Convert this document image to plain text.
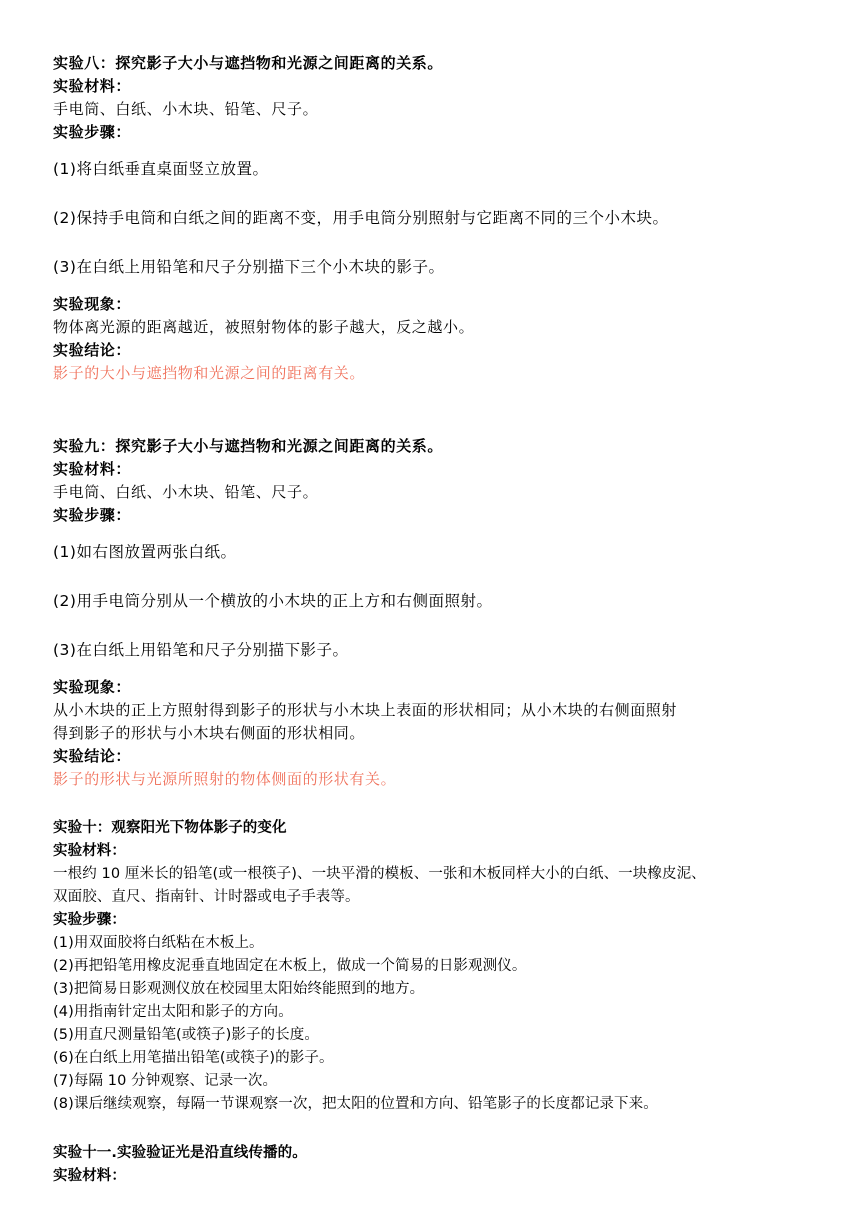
实验八：探究影子大小与遮挡物和光源之间距离的关系。
实验材料：
手电筒、白纸、小木块、铅笔、尺子。
实验步骤：
(1)将白纸垂直桌面竖立放置。
(2)保持手电筒和白纸之间的距离不变，用手电筒分别照射与它距离不同的三个小木块。
(3)在白纸上用铅笔和尺子分别描下三个小木块的影子。
实验现象：
物体离光源的距离越近，被照射物体的影子越大，反之越小。
实验结论：
影子的大小与遮挡物和光源之间的距离有关。
实验九：探究影子大小与遮挡物和光源之间距离的关系。
实验材料：
手电筒、白纸、小木块、铅笔、尺子。
实验步骤：
(1)如右图放置两张白纸。
(2)用手电筒分别从一个横放的小木块的正上方和右侧面照射。
(3)在白纸上用铅笔和尺子分别描下影子。
实验现象：
从小木块的正上方照射得到影子的形状与小木块上表面的形状相同；从小木块的右侧面照射
得到影子的形状与小木块右侧面的形状相同。
实验结论：
影子的形状与光源所照射的物体侧面的形状有关。
实验十：观察阳光下物体影子的变化
实验材料：
一根约 10 厘米长的铅笔(或一根筷子)、一块平滑的模板、一张和木板同样大小的白纸、一块橡皮泥、
双面胶、直尺、指南针、计时器或电子手表等。
实验步骤：
(1)用双面胶将白纸粘在木板上。
(2)再把铅笔用橡皮泥垂直地固定在木板上，做成一个简易的日影观测仪。
(3)把简易日影观测仪放在校园里太阳始终能照到的地方。
(4)用指南针定出太阳和影子的方向。
(5)用直尺测量铅笔(或筷子)影子的长度。
(6)在白纸上用笔描出铅笔(或筷子)的影子。
(7)每隔 10 分钟观察、记录一次。
(8)课后继续观察，每隔一节课观察一次，把太阳的位置和方向、铅笔影子的长度都记录下来。
实验十一.实验验证光是沿直线传播的。
实验材料：
